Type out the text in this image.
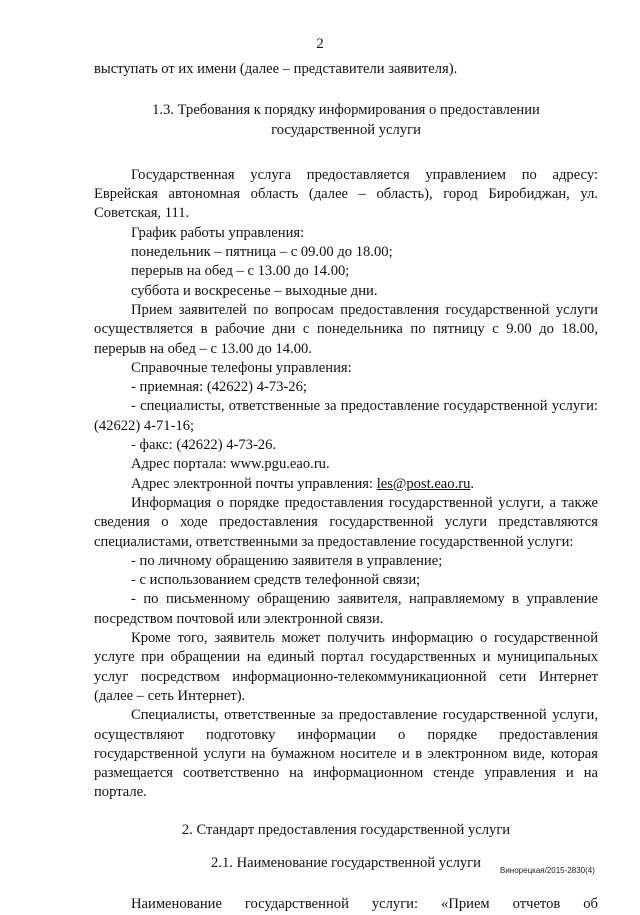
2

выступать от их имени (далее – представители заявителя).

1.3. Требования к порядку информирования о предоставлении

государственной услуги

Государственная услуга предоставляется управлением по адресу: Еврейская автономная область (далее – область), город Биробиджан, ул. Советская, 111.

График работы управления:

понедельник – пятница – с 09.00 до 18.00;

перерыв на обед – с 13.00 до 14.00;

суббота и воскресенье – выходные дни.

Прием заявителей по вопросам предоставления государственной услуги осуществляется в рабочие дни с понедельника по пятницу с 9.00 до 18.00, перерыв на обед – с 13.00 до 14.00.

Справочные телефоны управления:

- приемная: (42622) 4-73-26;

- специалисты, ответственные за предоставление государственной услуги: (42622) 4-71-16;

- факс: (42622) 4-73-26.

Адрес портала: www.pgu.eao.ru.

Адрес электронной почты управления: les@post.eao.ru.

Информация о порядке предоставления государственной услуги, а также сведения о ходе предоставления государственной услуги представляются специалистами, ответственными за предоставление государственной услуги:

- по личному обращению заявителя в управление;

- с использованием средств телефонной связи;

- по письменному обращению заявителя, направляемому в управление посредством почтовой или электронной связи.

Кроме того, заявитель может получить информацию о государственной услуге при обращении на единый портал государственных и муниципальных услуг посредством информационно-телекоммуникационной сети Интернет (далее – сеть Интернет).

Специалисты, ответственные за предоставление государственной услуги, осуществляют подготовку информации о порядке предоставления государственной услуги на бумажном носителе и в электронном виде, которая размещается соответственно на информационном стенде управления и на портале.

2. Стандарт предоставления государственной услуги

2.1. Наименование государственной услуги

Наименование государственной услуги: «Прием отчетов об
Винорецкая/2015-2830(4)
